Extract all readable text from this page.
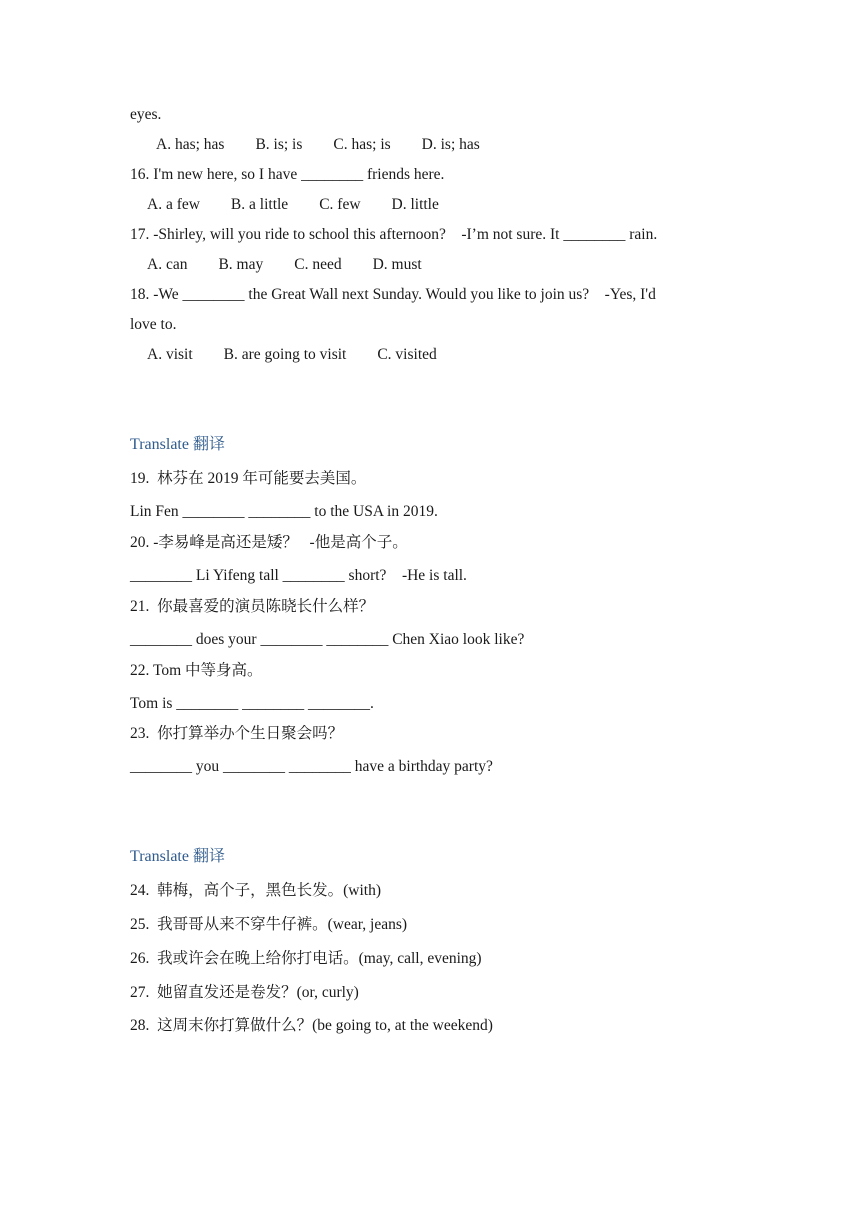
eyes.
A. has; has        B. is; is        C. has; is        D. is; has
16. I'm new here, so I have ________ friends here.
A. a few        B. a little        C. few        D. little
17. -Shirley, will you ride to school this afternoon?    -I’m not sure. It ________ rain.
A. can        B. may        C. need        D. must
18. -We ________ the Great Wall next Sunday. Would you like to join us?    -Yes, I'd
love to.
A. visit        B. are going to visit        C. visited
Translate 翻译
19.  林芬在 2019 年可能要去美国。
Lin Fen ________ ________ to the USA in 2019.
20. -李易峰是高还是矮？   -他是高个子。
________ Li Yifeng tall ________ short?    -He is tall.
21.  你最喜爱的演员陈晓长什么样？
________ does your ________ ________ Chen Xiao look like?
22. Tom 中等身高。
Tom is ________ ________ ________.
23.  你打算举办个生日聚会吗？
________ you ________ ________ have a birthday party?
Translate 翻译
24.  韩梅，高个子，黑色长发。(with)
25.  我哥哥从来不穿牛仔裤。(wear, jeans)
26.  我或许会在晚上给你打电话。(may, call, evening)
27.  她留直发还是卷发？(or, curly)
28.  这周末你打算做什么？(be going to, at the weekend)
